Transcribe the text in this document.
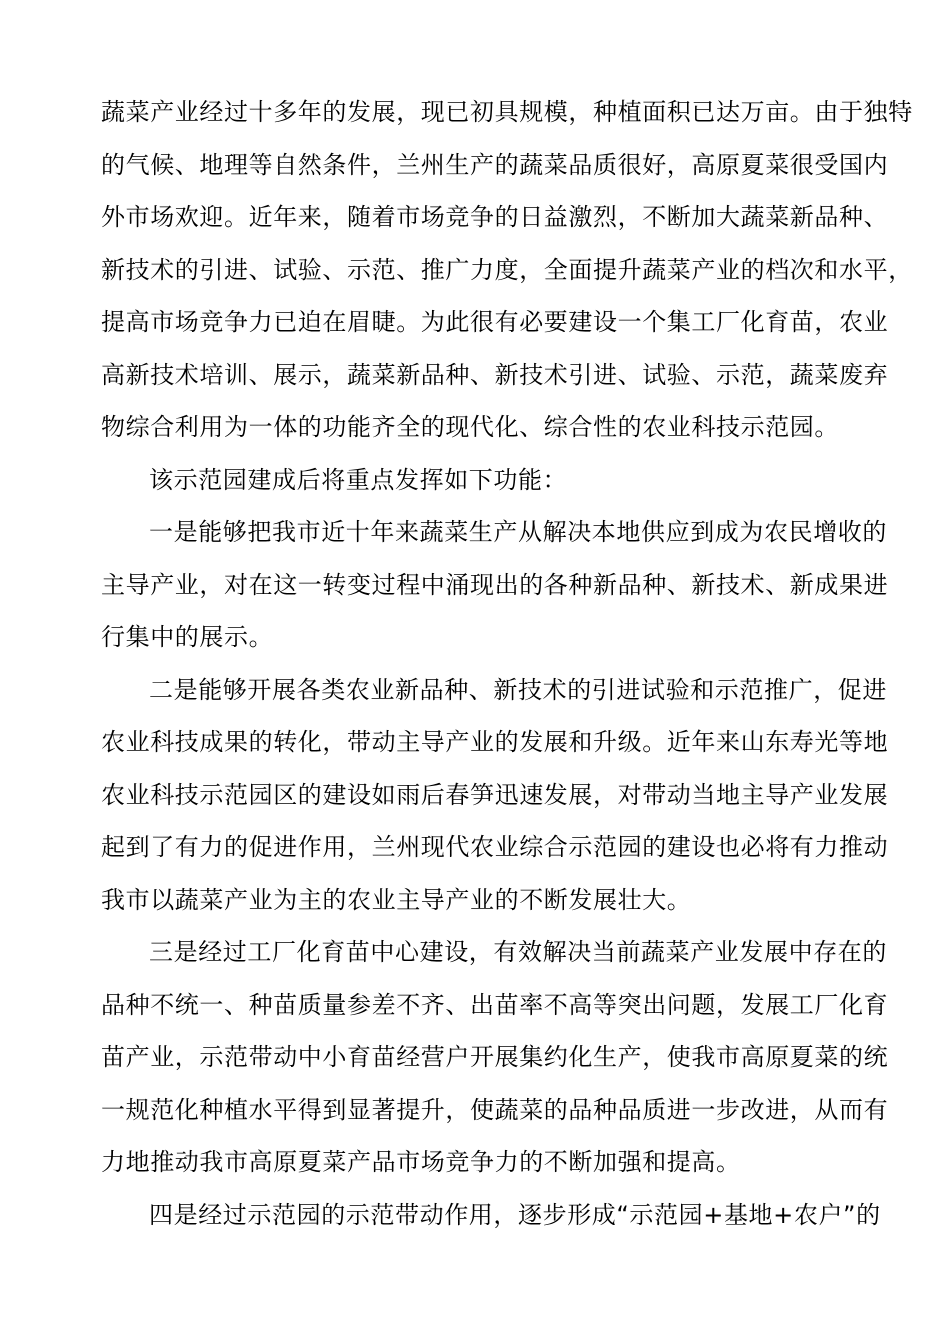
蔬菜产业经过十多年的发展，现已初具规模，种植面积已达万亩。由于独特
的气候、地理等自然条件，兰州生产的蔬菜品质很好，高原夏菜很受国内
外市场欢迎。近年来，随着市场竞争的日益激烈，不断加大蔬菜新品种、
新技术的引进、试验、示范、推广力度，全面提升蔬菜产业的档次和水平，
提高市场竞争力已迫在眉睫。为此很有必要建设一个集工厂化育苗，农业
高新技术培训、展示，蔬菜新品种、新技术引进、试验、示范，蔬菜废弃
物综合利用为一体的功能齐全的现代化、综合性的农业科技示范园。
该示范园建成后将重点发挥如下功能：
一是能够把我市近十年来蔬菜生产从解决本地供应到成为农民增收的
主导产业，对在这一转变过程中涌现出的各种新品种、新技术、新成果进
行集中的展示。
二是能够开展各类农业新品种、新技术的引进试验和示范推广，促进
农业科技成果的转化，带动主导产业的发展和升级。近年来山东寿光等地
农业科技示范园区的建设如雨后春笋迅速发展，对带动当地主导产业发展
起到了有力的促进作用，兰州现代农业综合示范园的建设也必将有力推动
我市以蔬菜产业为主的农业主导产业的不断发展壮大。
三是经过工厂化育苗中心建设，有效解决当前蔬菜产业发展中存在的
品种不统一、种苗质量参差不齐、出苗率不高等突出问题，发展工厂化育
苗产业，示范带动中小育苗经营户开展集约化生产，使我市高原夏菜的统
一规范化种植水平得到显著提升，使蔬菜的品种品质进一步改进，从而有
力地推动我市高原夏菜产品市场竞争力的不断加强和提高。
四是经过示范园的示范带动作用，逐步形成“示范园+基地+农户”的
